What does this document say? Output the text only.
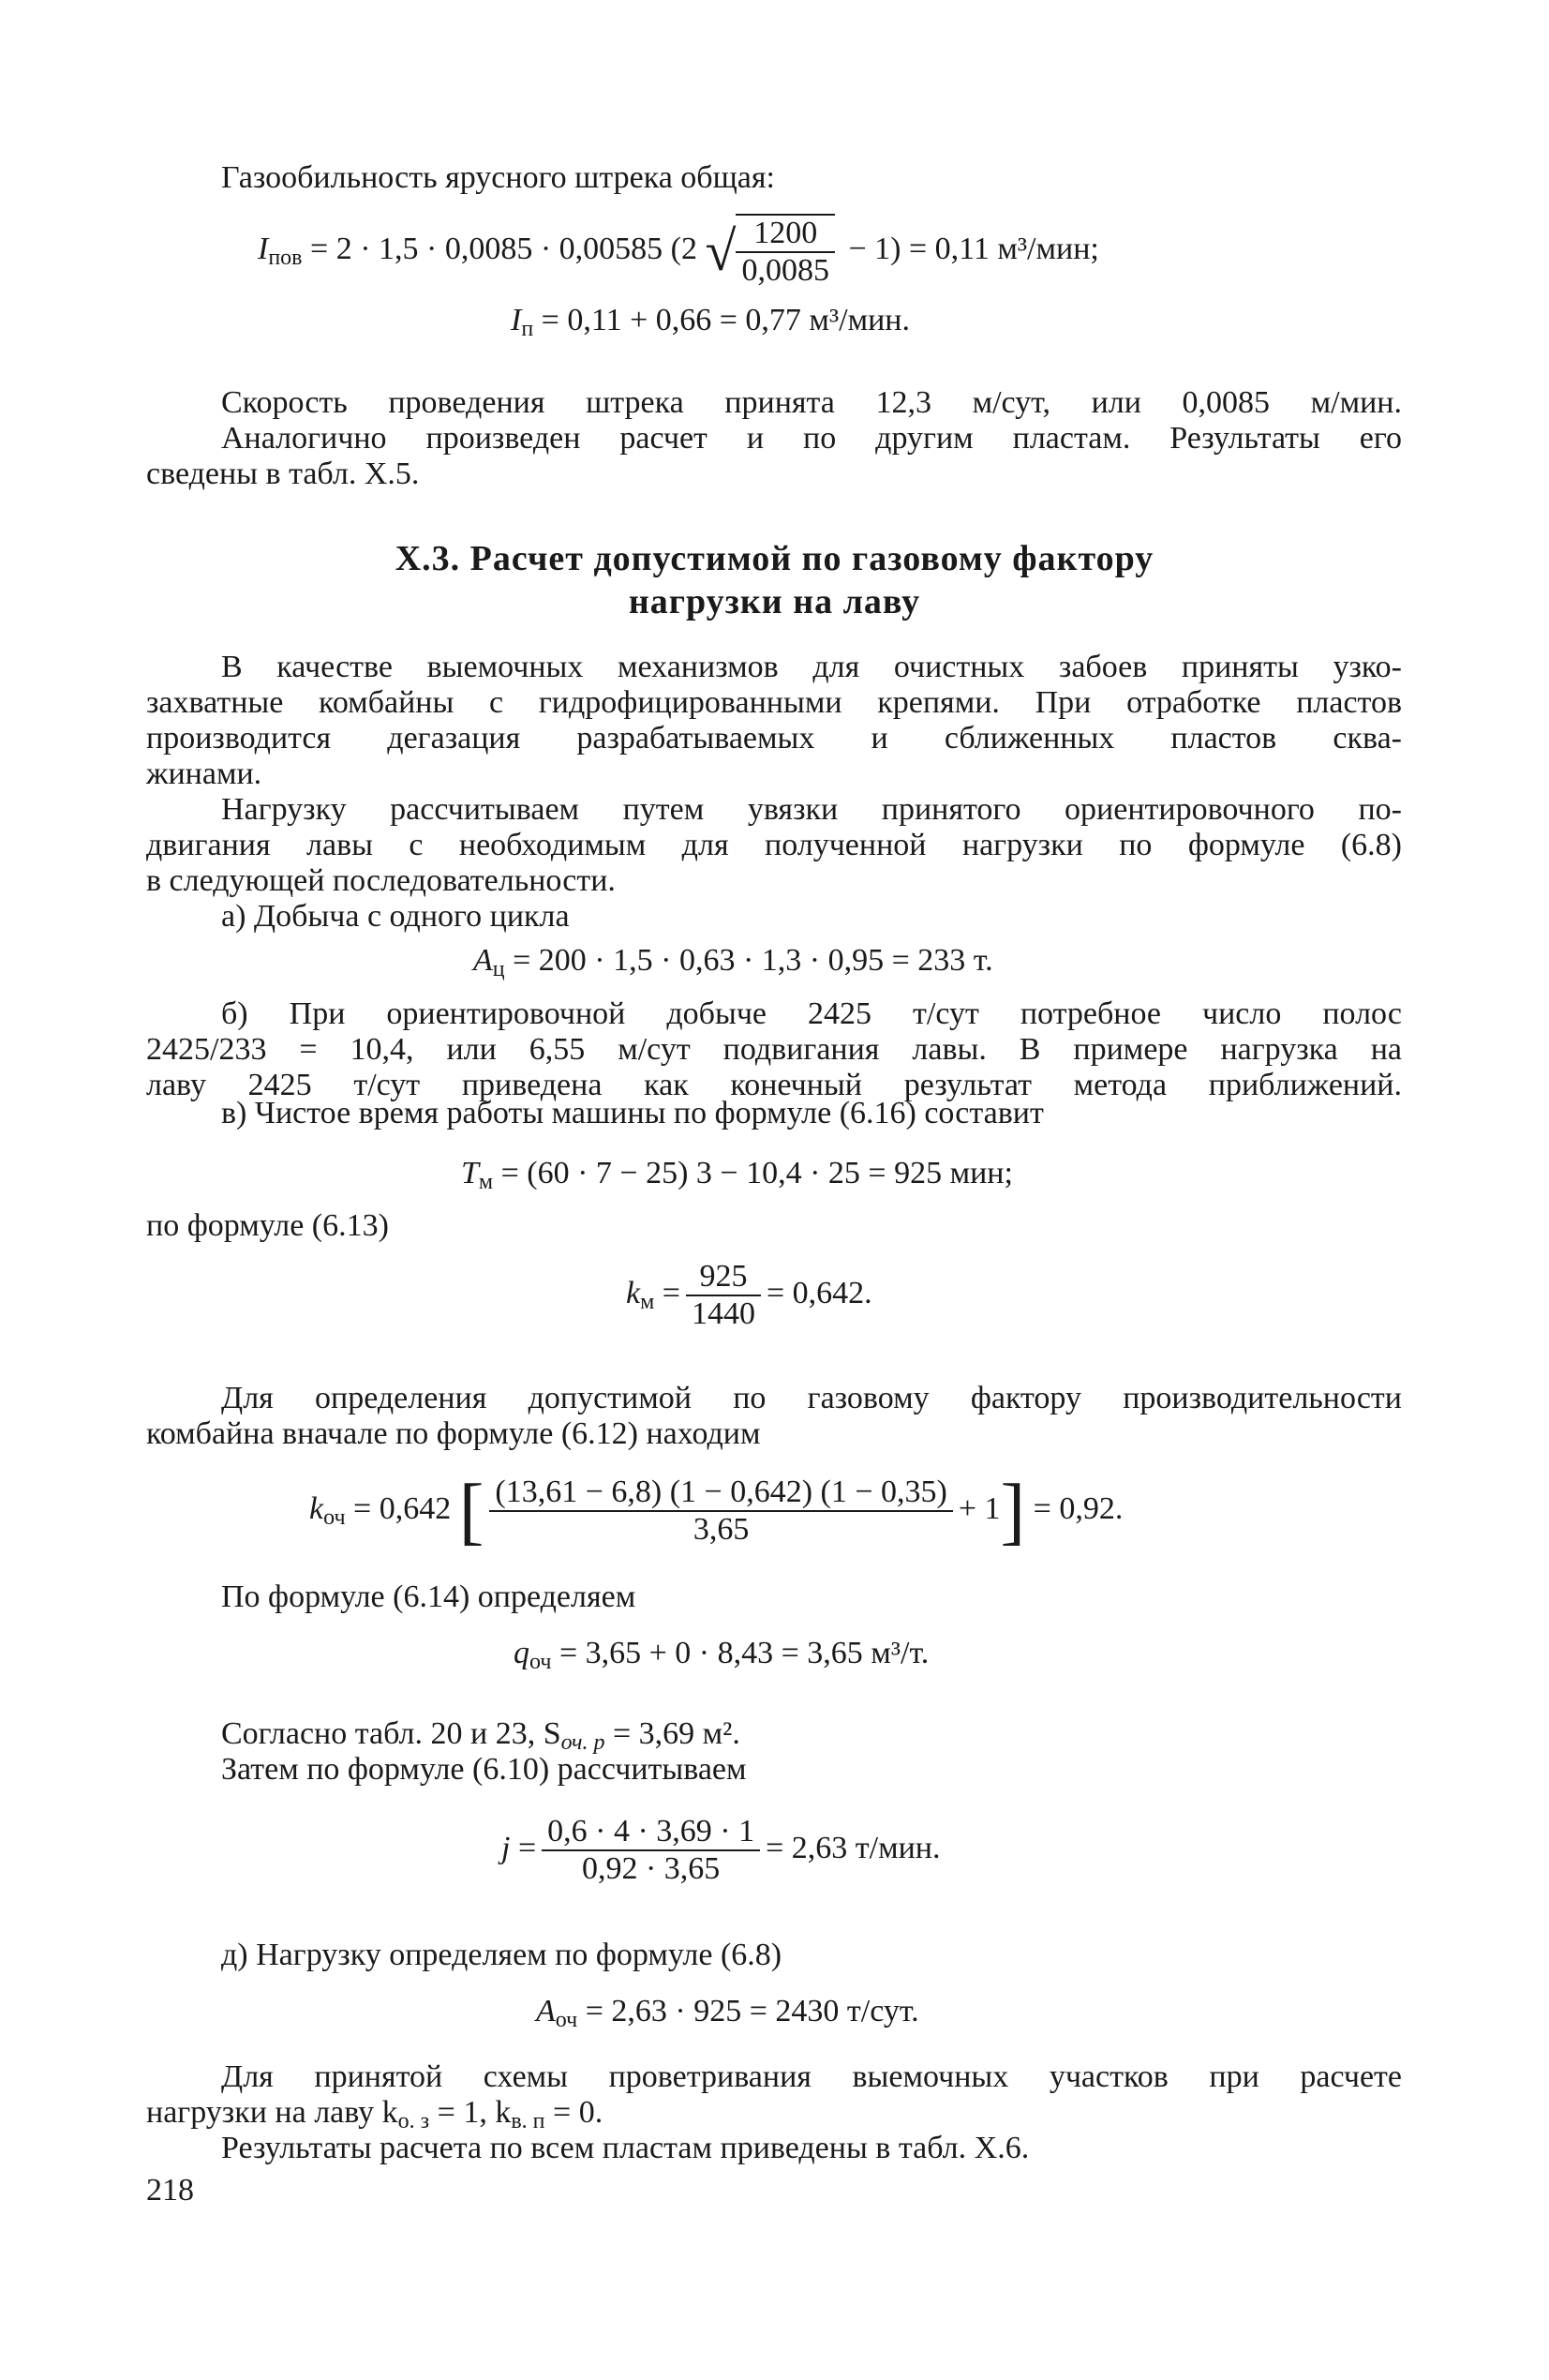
Газообильность ярусного штрека общая:
$I_{пов} = 2 \cdot 1,5 \cdot 0,0085 \cdot 0,00585$ (2 √ $\frac{1200}{0,0085} - 1) = 0,11$ м³/мин;
$I_п = 0,11 + 0,66 = 0,77$ м³/мин.
Скорость проведения штрека принята 12,3 м/сут, или 0,0085 м/мин.
Аналогично произведен расчет и по другим пластам. Результаты его
сведены в табл. X.5.
X.3. Расчет допустимой по газовому фактору
нагрузки на лаву
В качестве выемочных механизмов для очистных забоев приняты узко-
захватные комбайны с гидрофицированными крепями. При отработке пластов
производится дегазация разрабатываемых и сближенных пластов сква-
жинами.
Нагрузку рассчитываем путем увязки принятого ориентировочного по-
двигания лавы с необходимым для полученной нагрузки по формуле (6.8)
в следующей последовательности.
а) Добыча с одного цикла
$A_ц = 200 \cdot 1,5 \cdot 0,63 \cdot 1,3 \cdot 0,95 = 233$ т.
б) При ориентировочной добыче 2425 т/сут потребное число полос
2425/233 = 10,4, или 6,55 м/сут подвигания лавы. В примере нагрузка на
лаву 2425 т/сут приведена как конечный результат метода приближений.
в) Чистое время работы машины по формуле (6.16) составит
$T_м = (60 \cdot 7 - 25) 3 - 10,4 \cdot 25 = 925$ мин;
по формуле (6.13)
$k_м = \frac{925}{1440} = 0,642$.
Для определения допустимой по газовому фактору производительности
комбайна вначале по формуле (6.12) находим
$k_{оч} = 0,642$ [ $\frac{(13,61 - 6,8) (1 - 0,642) (1 - 0,35)}{3,65} + 1] = 0,92$.
По формуле (6.14) определяем
$q_{оч} = 3,65 + 0 \cdot 8,43 = 3,65$ м³/т.
Согласно табл. 20 и 23, $S_{оч. р} = 3,69$ м².
Затем по формуле (6.10) рассчитываем
$j = \frac{0,6 \cdot 4 \cdot 3,69 \cdot 1}{0,92 \cdot 3,65} = 2,63$ т/мин.
д) Нагрузку определяем по формуле (6.8)
$A_{оч} = 2,63 \cdot 925 = 2430$ т/сут.
Для принятой схемы проветривания выемочных участков при расчете
нагрузки на лаву $k_{о. з} = 1$, $k_{в. п} = 0$.
Результаты расчета по всем пластам приведены в табл. X.6.
218
